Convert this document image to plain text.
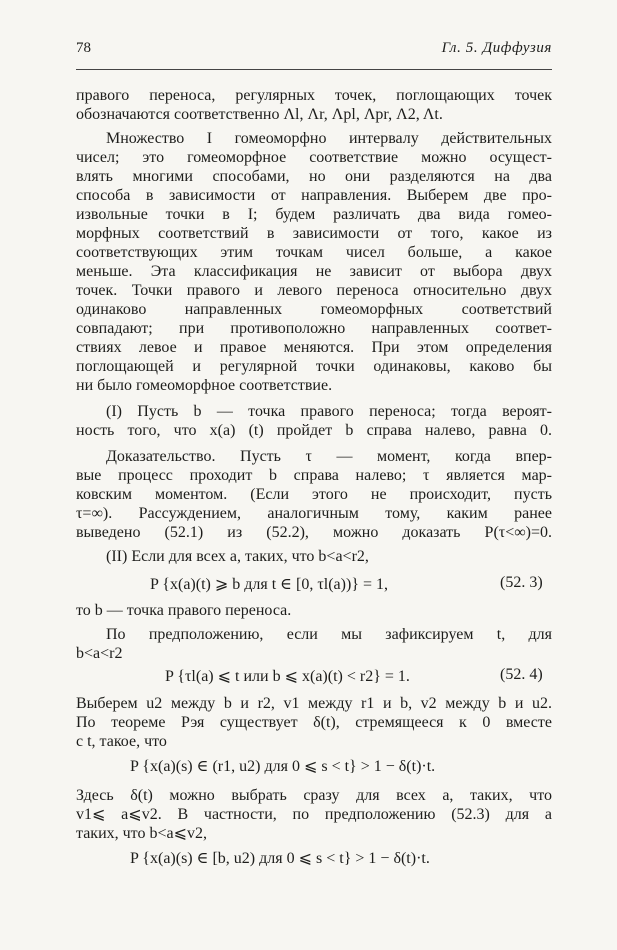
78	Гл. 5. Диффузия
правого переноса, регулярных точек, поглощающих точек
обозначаются соответственно Λl, Λr, Λpl, Λpr, Λ2, Λt.
Множество I гомеоморфно интервалу действительных
чисел; это гомеоморфное соответствие можно осущест-
влять многими способами, но они разделяются на два
способа в зависимости от направления. Выберем две про-
извольные точки в I; будем различать два вида гомео-
морфных соответствий в зависимости от того, какое из
соответствующих этим точкам чисел больше, а какое
меньше. Эта классификация не зависит от выбора двух
точек. Точки правого и левого переноса относительно двух
одинаково направленных гомеоморфных соответствий
совпадают; при противоположно направленных соответ-
ствиях левое и правое меняются. При этом определения
поглощающей и регулярной точки одинаковы, каково бы
ни было гомеоморфное соответствие.
(I) Пусть b — точка правого переноса; тогда вероят-
ность того, что x(a) (t) пройдет b справа налево, равна 0.
Доказательство. Пусть τ — момент, когда впер-
вые процесс проходит b справа налево; τ является мар-
ковским моментом. (Если этого не происходит, пусть
τ=∞). Рассуждением, аналогичным тому, каким ранее
выведено (52.1) из (52.2), можно доказать P(τ<∞)=0.
(II) Если для всех a, таких, что b<a<r2,
P {x(a)(t) ⩾ b для t ∈ [0, τl(a))} = 1,	(52. 3)
то b — точка правого переноса.
По предположению, если мы зафиксируем t, для
b<a<r2
P {τl(a) ⩽ t или b ⩽ x(a)(t) < r2} = 1.	(52. 4)
Выберем u2 между b и r2, v1 между r1 и b, v2 между b и u2.
По теореме Рэя существует δ(t), стремящееся к 0 вместе
с t, такое, что
P {x(a)(s) ∈ (r1, u2) для 0 ⩽ s < t} > 1 − δ(t)·t.
Здесь δ(t) можно выбрать сразу для всех a, таких, что
v1⩽ a⩽v2. В частности, по предположению (52.3) для a
таких, что b<a⩽v2,
P {x(a)(s) ∈ [b, u2) для 0 ⩽ s < t} > 1 − δ(t)·t.
